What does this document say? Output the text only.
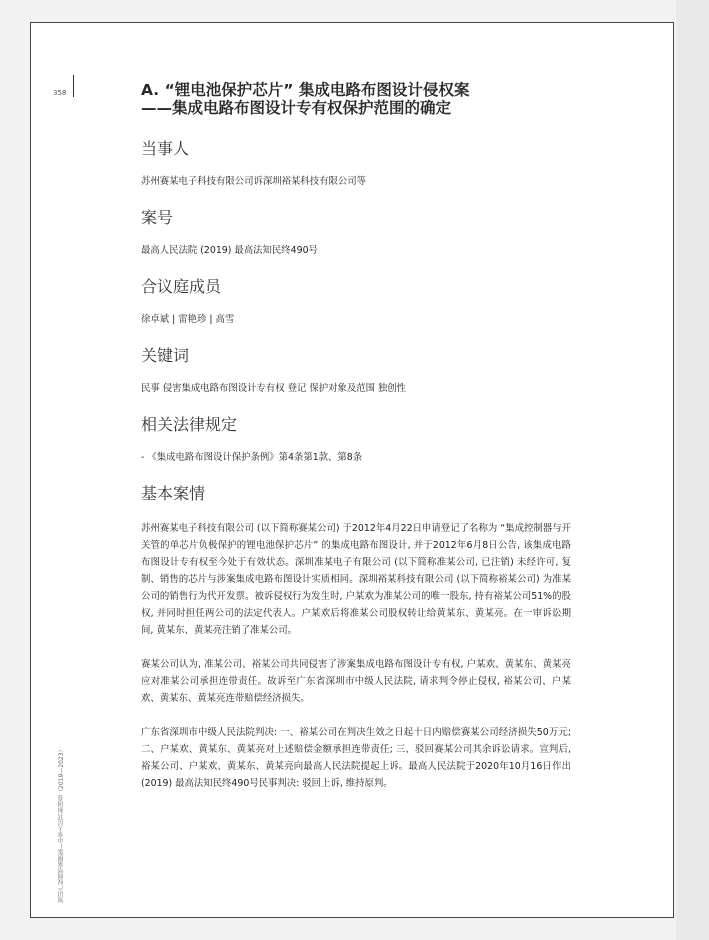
358
知识产权典型案例集—中华人民共和国卷（2019—2023）
A. “锂电池保护芯片” 集成电路布图设计侵权案
——集成电路布图设计专有权保护范围的确定
当事人

苏州赛某电子科技有限公司诉深圳裕某科技有限公司等

案号

最高人民法院 (2019) 最高法知民终490号

合议庭成员

徐卓斌 | 雷艳珍 | 高雪

关键词

民事 侵害集成电路布图设计专有权 登记 保护对象及范围 独创性

相关法律规定

- 《集成电路布图设计保护条例》第4条第1款、第8条

基本案情

苏州赛某电子科技有限公司 (以下简称赛某公司) 于2012年4月22日申请登记了名称为 “集成控制器与开关管的单芯片负极保护的锂电池保护芯片” 的集成电路布图设计, 并于2012年6月8日公告, 该集成电路布图设计专有权至今处于有效状态。深圳准某电子有限公司 (以下简称准某公司, 已注销) 未经许可, 复制、销售的芯片与涉案集成电路布图设计实质相同。深圳裕某科技有限公司 (以下简称裕某公司) 为准某公司的销售行为代开发票。被诉侵权行为发生时, 户某欢为准某公司的唯一股东, 持有裕某公司51%的股权, 并同时担任两公司的法定代表人。户某欢后将准某公司股权转让给黄某东、黄某亮。在一审诉讼期间, 黄某东、黄某亮注销了准某公司。

赛某公司认为, 准某公司、裕某公司共同侵害了涉案集成电路布图设计专有权, 户某欢、黄某东、黄某亮应对准某公司承担连带责任。故诉至广东省深圳市中级人民法院, 请求判令停止侵权, 裕某公司、户某欢、黄某东、黄某亮连带赔偿经济损失。

广东省深圳市中级人民法院判决: 一、裕某公司在判决生效之日起十日内赔偿赛某公司经济损失50万元; 二、户某欢、黄某东、黄某亮对上述赔偿金额承担连带责任; 三、驳回赛某公司其余诉讼请求。宣判后, 裕某公司、户某欢、黄某东、黄某亮向最高人民法院提起上诉。最高人民法院于2020年10月16日作出 (2019) 最高法知民终490号民事判决: 驳回上诉, 维持原判。
